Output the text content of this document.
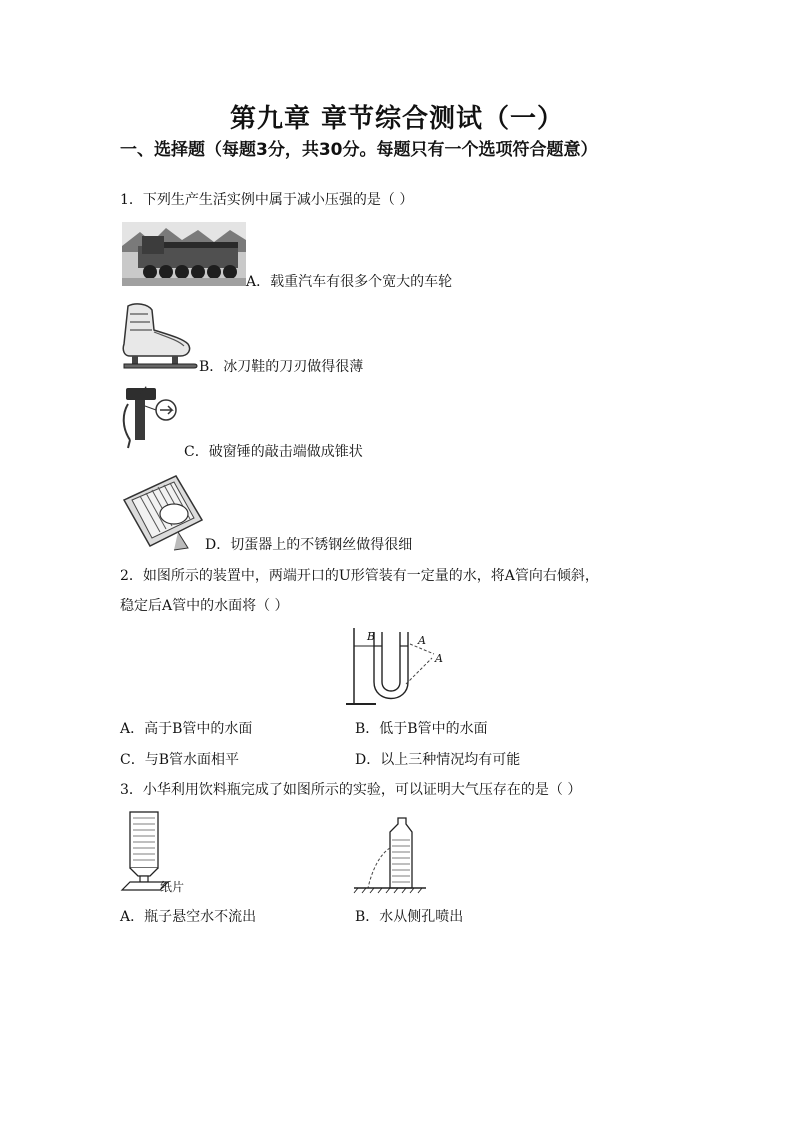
第九章 章节综合测试（一）
一、选择题（每题3分，共30分。每题只有一个选项符合题意）
1．下列生产生活实例中属于减小压强的是（ ）
A．载重汽车有很多个宽大的车轮
B．冰刀鞋的刀刃做得很薄
C．破窗锤的敲击端做成锥状
D．切蛋器上的不锈钢丝做得很细
2．如图所示的装置中，两端开口的U形管装有一定量的水，将A管向右倾斜，
稳定后A管中的水面将（ ）
B	A
A
A．高于B管中的水面	B．低于B管中的水面
C．与B管水面相平	D．以上三种情况均有可能
3．小华利用饮料瓶完成了如图所示的实验，可以证明大气压存在的是（ ）
纸片
A．瓶子悬空水不流出	B．水从侧孔喷出
